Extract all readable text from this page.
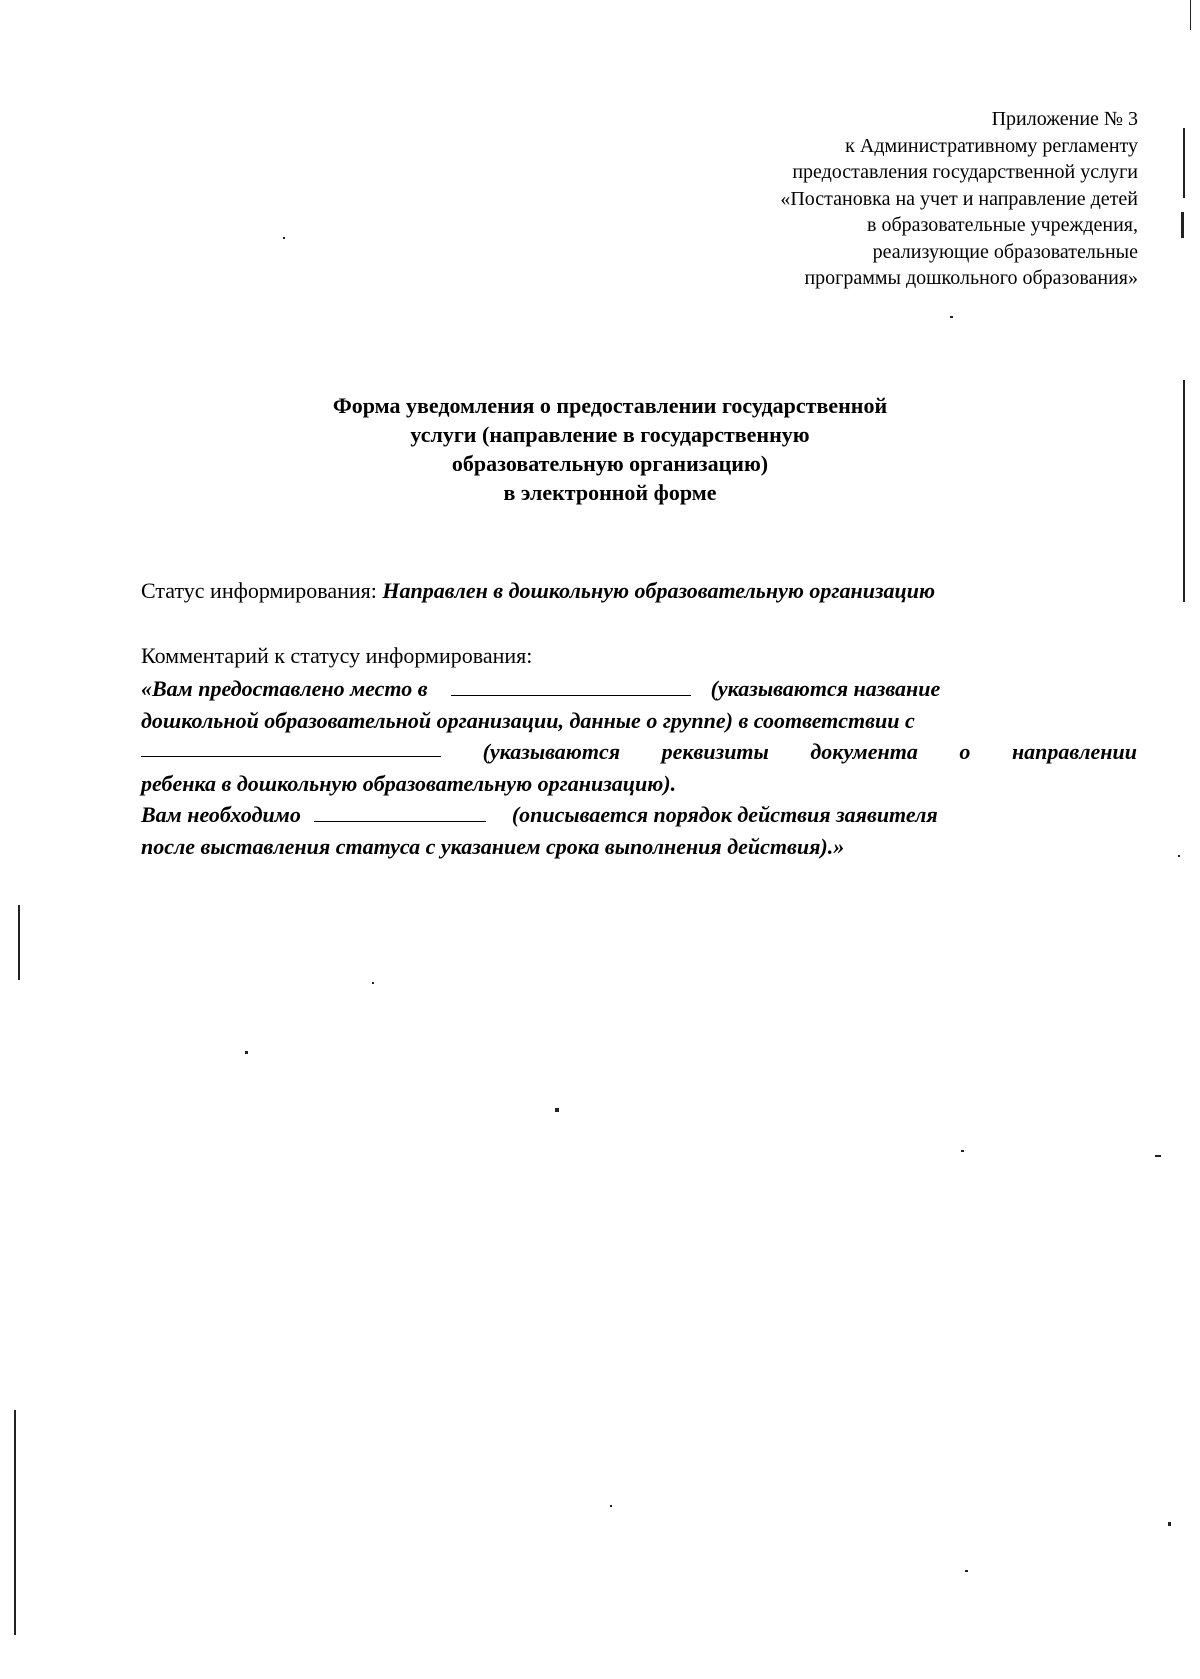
Приложение № 3
к Административному регламенту
предоставления государственной услуги
«Постановка на учет и направление детей
в образовательные учреждения,
реализующие образовательные
программы дошкольного образования»
Форма уведомления о предоставлении государственной
услуги (направление в государственную
образовательную организацию)
в электронной форме
Статус информирования: Направлен в дошкольную образовательную организацию
Комментарий к статусу информирования:
«Вам предоставлено место в	(указываются название
дошкольной образовательной организации, данные о группе) в соответствии с
(указываются реквизиты документа о направлении
ребенка в дошкольную образовательную организацию).
Вам необходимо	(описывается порядок действия заявителя
после выставления статуса с указанием срока выполнения действия).»
